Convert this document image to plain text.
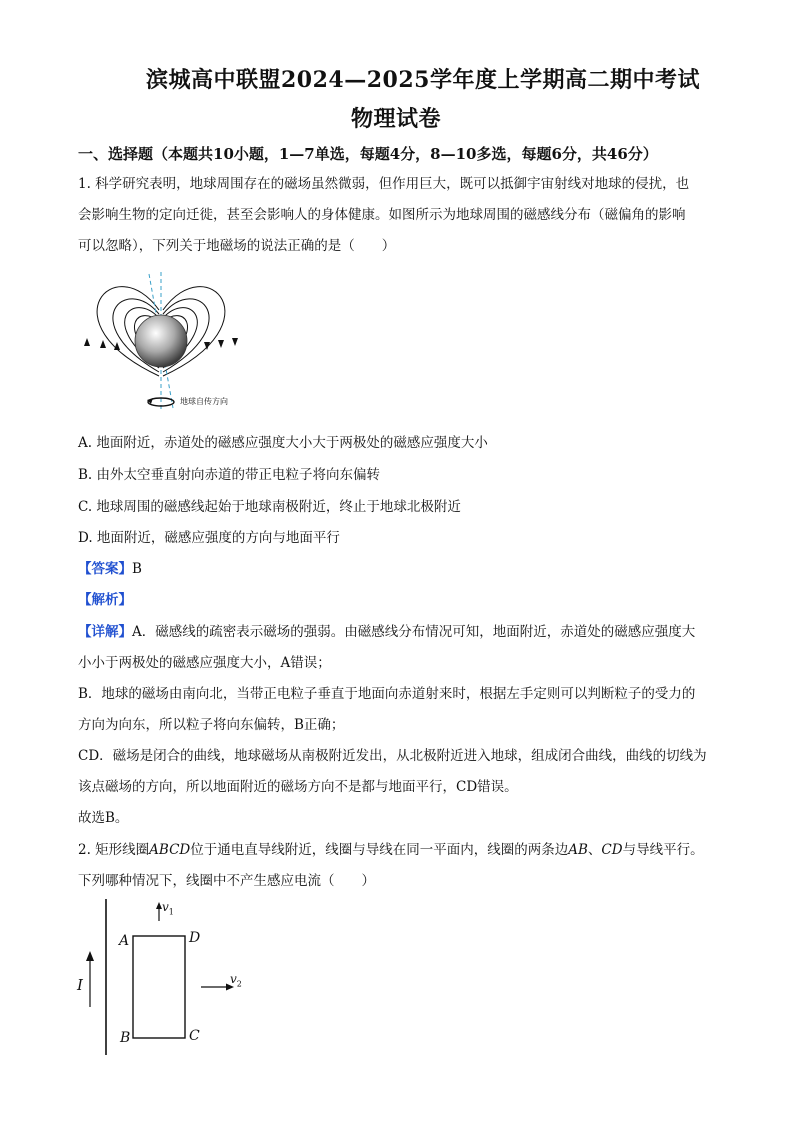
滨城高中联盟2024—2025学年度上学期高二期中考试
物理试卷
一、选择题（本题共10小题，1—7单选，每题4分，8—10多选，每题6分，共46分）
1. 科学研究表明，地球周围存在的磁场虽然微弱，但作用巨大，既可以抵御宇宙射线对地球的侵扰，也
会影响生物的定向迁徙，甚至会影响人的身体健康。如图所示为地球周围的磁感线分布（磁偏角的影响
可以忽略），下列关于地磁场的说法正确的是（　　）
地球自传方向
A. 地面附近，赤道处的磁感应强度大小大于两极处的磁感应强度大小
B. 由外太空垂直射向赤道的带正电粒子将向东偏转
C. 地球周围的磁感线起始于地球南极附近，终止于地球北极附近
D. 地面附近，磁感应强度的方向与地面平行
【答案】B
【解析】
【详解】A．磁感线的疏密表示磁场的强弱。由磁感线分布情况可知，地面附近，赤道处的磁感应强度大
小小于两极处的磁感应强度大小，A错误；
B．地球的磁场由南向北，当带正电粒子垂直于地面向赤道射来时，根据左手定则可以判断粒子的受力的
方向为向东，所以粒子将向东偏转，B正确；
CD．磁场是闭合的曲线，地球磁场从南极附近发出，从北极附近进入地球，组成闭合曲线，曲线的切线为
该点磁场的方向，所以地面附近的磁场方向不是都与地面平行，CD错误。
故选B。
2. 矩形线圈ABCD位于通电直导线附近，线圈与导线在同一平面内，线圈的两条边AB、CD与导线平行。
下列哪种情况下，线圈中不产生感应电流（　　）
I
A	D
B	C
$v_1$
$v_2$
